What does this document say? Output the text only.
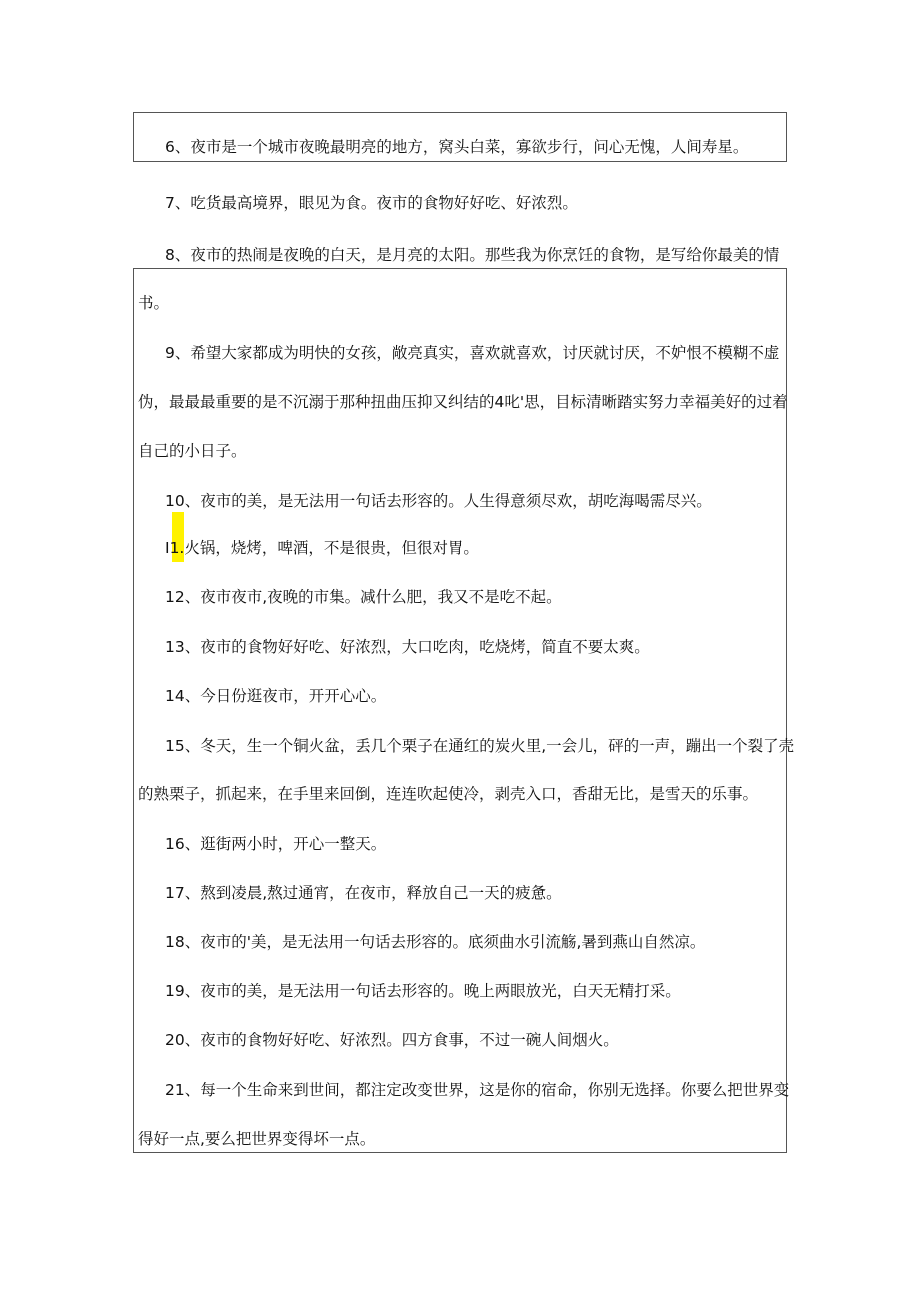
6、夜市是一个城市夜晚最明亮的地方，窝头白菜，寡欲步行，问心无愧，人间寿星。
7、吃货最高境界，眼见为食。夜市的食物好好吃、好浓烈。
8、夜市的热闹是夜晚的白天，是月亮的太阳。那些我为你烹饪的食物，是写给你最美的情
书。
9、希望大家都成为明快的女孩，敞亮真实，喜欢就喜欢，讨厌就讨厌，不妒恨不模糊不虚
伪，最最最重要的是不沉溺于那种扭曲压抑又纠结的4叱'思，目标清晰踏实努力幸福美好的过着
自己的小日子。
10、夜市的美，是无法用一句话去形容的。人生得意须尽欢，胡吃海喝需尽兴。
I1.火锅，烧烤，啤酒，不是很贵，但很对胃。
12、夜市夜市,夜晚的市集。减什么肥，我又不是吃不起。
13、夜市的食物好好吃、好浓烈，大口吃肉，吃烧烤，简直不要太爽。
14、今日份逛夜市，开开心心。
15、冬天，生一个铜火盆，丢几个栗子在通红的炭火里,一会儿，砰的一声，蹦出一个裂了壳
的熟栗子，抓起来，在手里来回倒，连连吹起使冷，剥壳入口，香甜无比，是雪天的乐事。
16、逛街两小时，开心一整天。
17、熬到凌晨,熬过通宵，在夜市，释放自己一天的疲惫。
18、夜市的'美，是无法用一句话去形容的。底须曲水引流觞,暑到燕山自然凉。
19、夜市的美，是无法用一句话去形容的。晚上两眼放光，白天无精打采。
20、夜市的食物好好吃、好浓烈。四方食事，不过一碗人间烟火。
21、每一个生命来到世间，都注定改变世界，这是你的宿命，你别无选择。你要么把世界变
得好一点,要么把世界变得坏一点。
